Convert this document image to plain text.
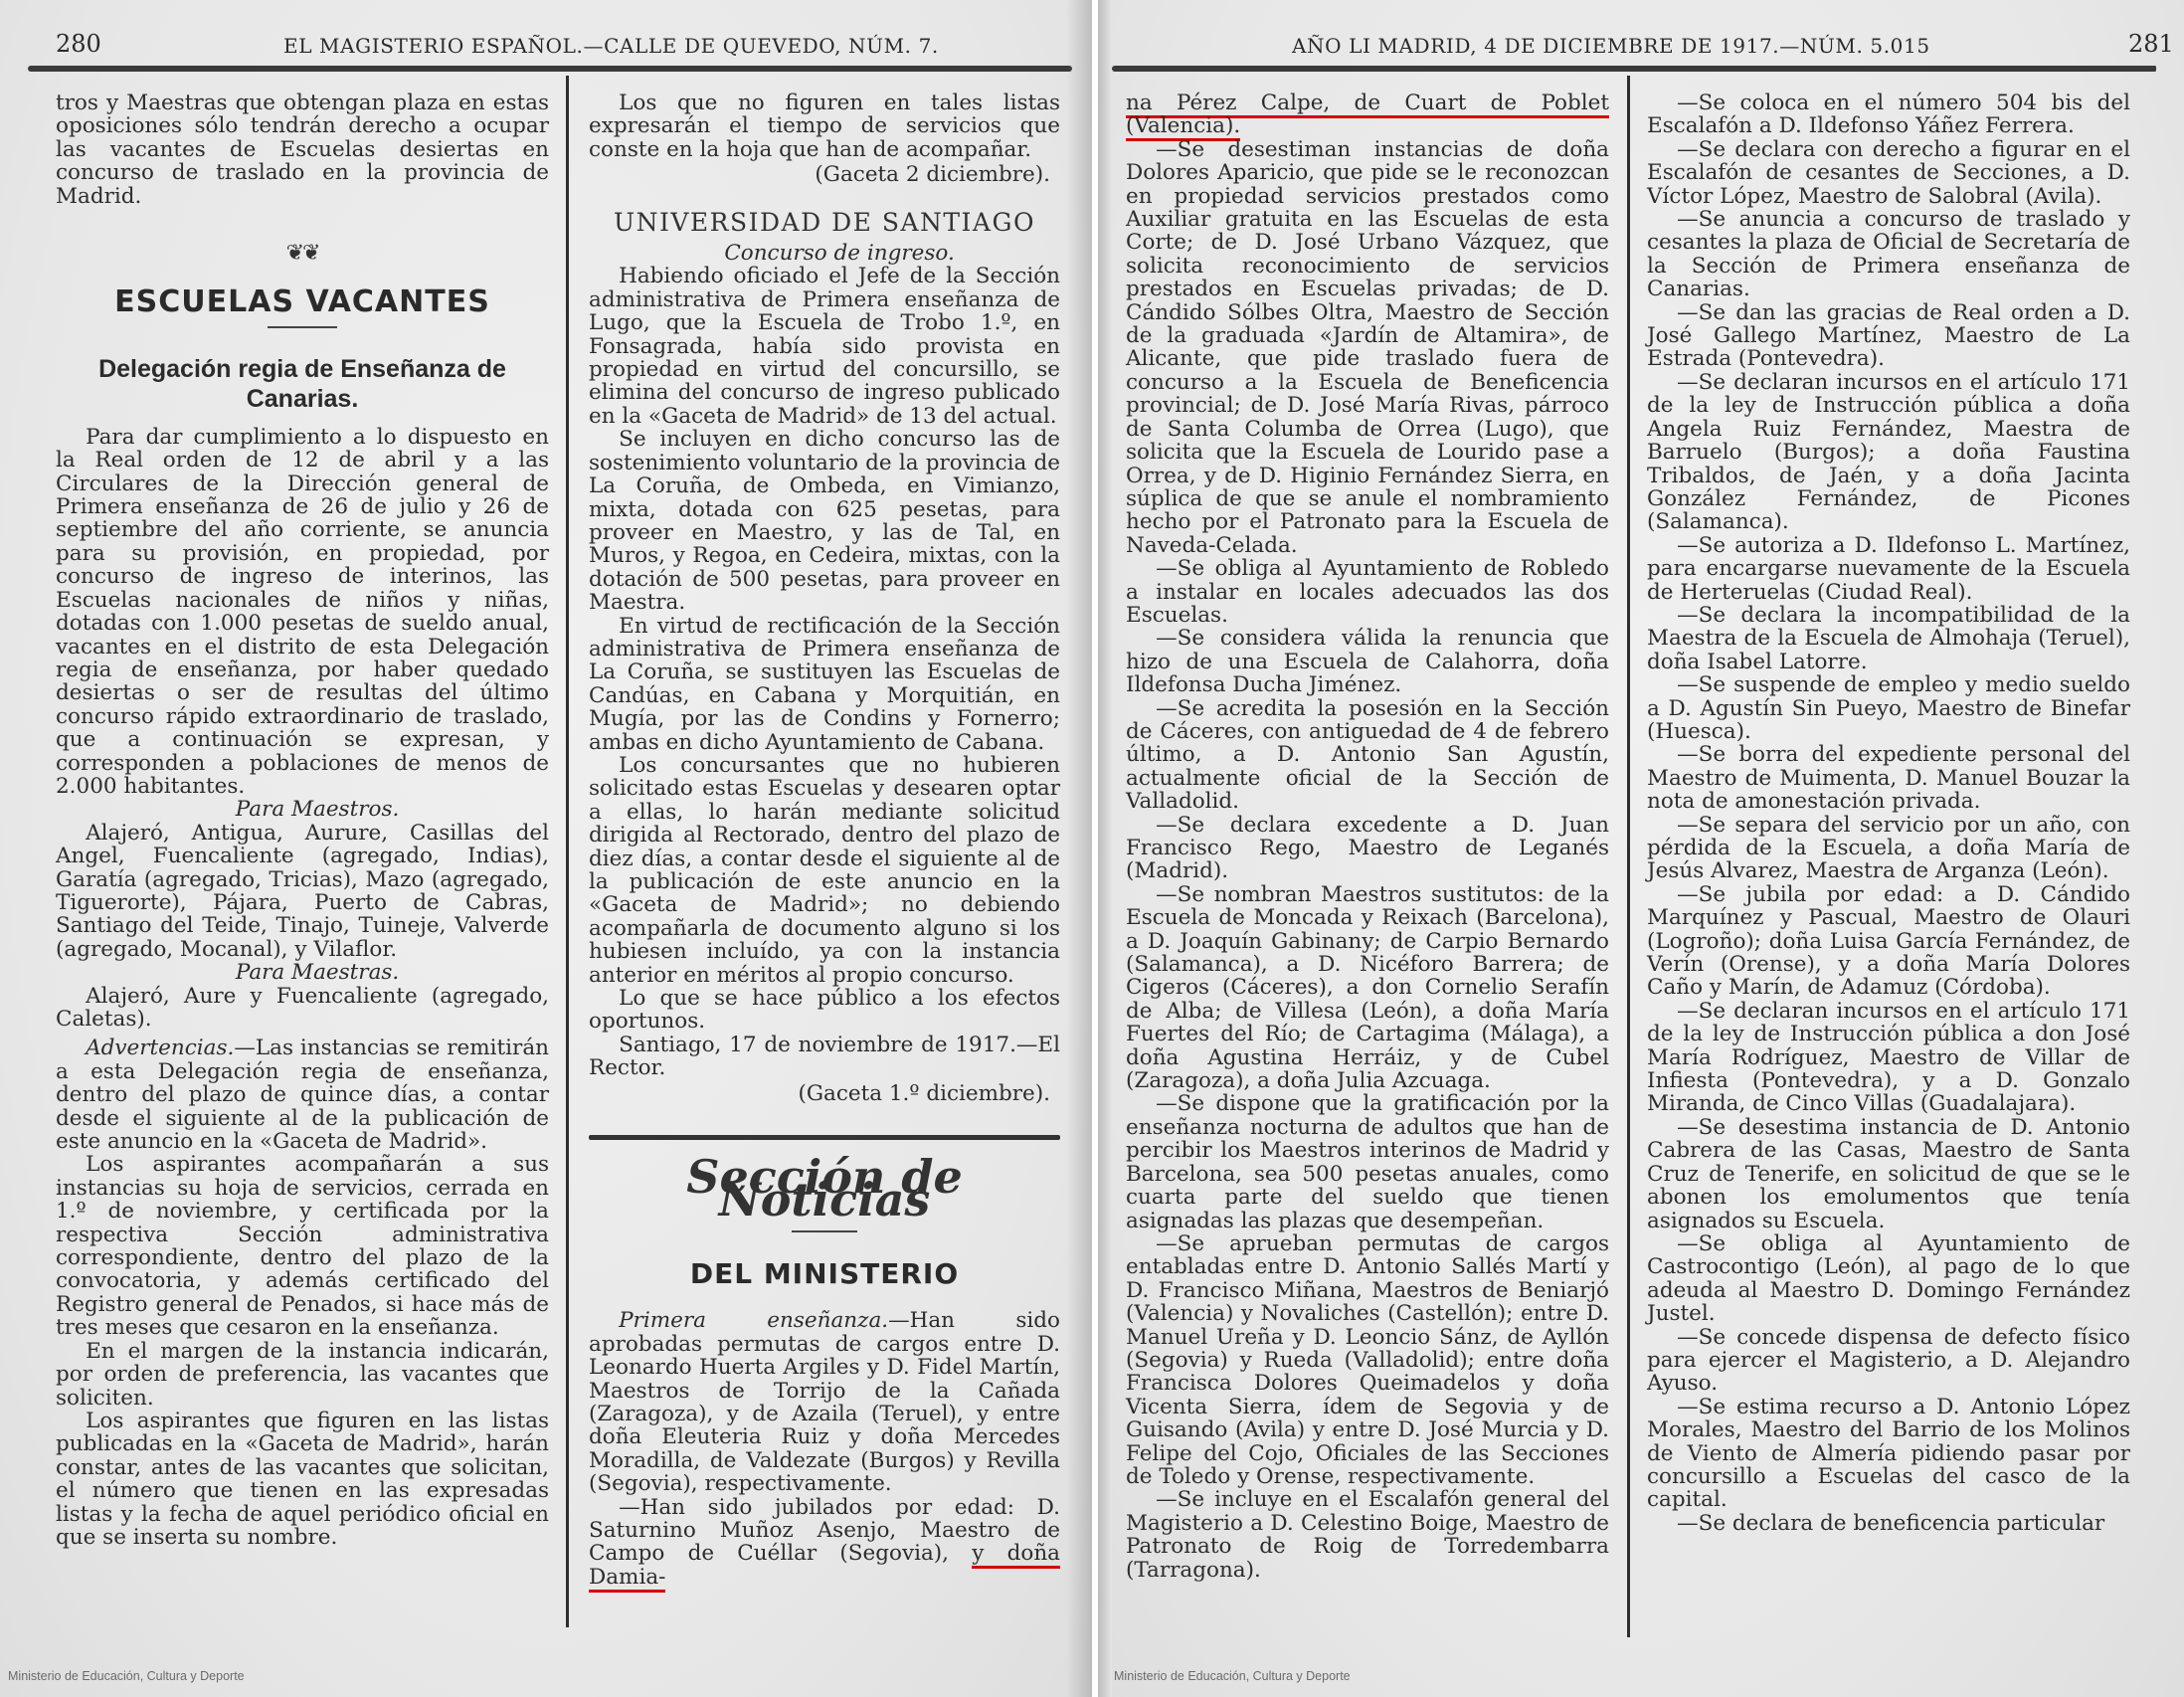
280	EL MAGISTERIO ESPAÑOL.—CALLE DE QUEVEDO, NÚM. 7.

tros y Maestras que obtengan plaza en estas oposiciones sólo tendrán derecho a ocupar las vacantes de Escuelas desiertas en concurso de traslado en la provincia de Madrid.

❦❦
ESCUELAS VACANTES
Delegación regia de Enseñanza de Canarias.

Para dar cumplimiento a lo dispuesto en la Real orden de 12 de abril y a las Circulares de la Dirección general de Primera enseñanza de 26 de julio y 26 de septiembre del año corriente, se anuncia para su provisión, en propiedad, por concurso de ingreso de interinos, las Escuelas nacionales de niños y niñas, dotadas con 1.000 pesetas de sueldo anual, vacantes en el distrito de esta Delegación regia de enseñanza, por haber quedado desiertas o ser de resultas del último concurso rápido extraordinario de traslado, que a continuación se expresan, y corresponden a poblaciones de menos de 2.000 habitantes.

Para Maestros.

Alajeró, Antigua, Aurure, Casillas del Angel, Fuencaliente (agregado, Indias), Garatía (agregado, Tricias), Mazo (agregado, Tiguerorte), Pájara, Puerto de Cabras, Santiago del Teide, Tinajo, Tuineje, Valverde (agregado, Mocanal), y Vilaflor.

Para Maestras.

Alajeró, Aure y Fuencaliente (agregado, Caletas).

Advertencias.—Las instancias se remitirán a esta Delegación regia de enseñanza, dentro del plazo de quince días, a contar desde el siguiente al de la publicación de este anuncio en la «Gaceta de Madrid».

Los aspirantes acompañarán a sus instancias su hoja de servicios, cerrada en 1.º de noviembre, y certificada por la respectiva Sección administrativa correspondiente, dentro del plazo de la convocatoria, y además certificado del Registro general de Penados, si hace más de tres meses que cesaron en la enseñanza.

En el margen de la instancia indicarán, por orden de preferencia, las vacantes que soliciten.

Los aspirantes que figuren en las listas publicadas en la «Gaceta de Madrid», harán constar, antes de las vacantes que solicitan, el número que tienen en las expresadas listas y la fecha de aquel periódico oficial en que se inserta su nombre.

Los que no figuren en tales listas expresarán el tiempo de servicios que conste en la hoja que han de acompañar.

(Gaceta 2 diciembre).

UNIVERSIDAD DE SANTIAGO

Concurso de ingreso.

Habiendo oficiado el Jefe de la Sección administrativa de Primera enseñanza de Lugo, que la Escuela de Trobo 1.º, en Fonsagrada, había sido provista en propiedad en virtud del concursillo, se elimina del concurso de ingreso publicado en la «Gaceta de Madrid» de 13 del actual.

Se incluyen en dicho concurso las de sostenimiento voluntario de la provincia de La Coruña, de Ombeda, en Vimianzo, mixta, dotada con 625 pesetas, para proveer en Maestro, y las de Tal, en Muros, y Regoa, en Cedeira, mixtas, con la dotación de 500 pesetas, para proveer en Maestra.

En virtud de rectificación de la Sección administrativa de Primera enseñanza de La Coruña, se sustituyen las Escuelas de Candúas, en Cabana y Morquitián, en Mugía, por las de Condins y Fornerro; ambas en dicho Ayuntamiento de Cabana.

Los concursantes que no hubieren solicitado estas Escuelas y desearen optar a ellas, lo harán mediante solicitud dirigida al Rectorado, dentro del plazo de diez días, a contar desde el siguiente al de la publicación de este anuncio en la «Gaceta de Madrid»; no debiendo acompañarla de documento alguno si los hubiesen incluído, ya con la instancia anterior en méritos al propio concurso.

Lo que se hace público a los efectos oportunos.

Santiago, 17 de noviembre de 1917.—El Rector.

(Gaceta 1.º diciembre).

Sección de Noticias
DEL MINISTERIO

Primera enseñanza.—Han sido aprobadas permutas de cargos entre D. Leonardo Huerta Argiles y D. Fidel Martín, Maestros de Torrijo de la Cañada (Zaragoza), y de Azaila (Teruel), y entre doña Eleuteria Ruiz y doña Mercedes Moradilla, de Valdezate (Burgos) y Revilla (Segovia), respectivamente.

—Han sido jubilados por edad: D. Saturnino Muñoz Asenjo, Maestro de Campo de Cuéllar (Segovia), y doña Damia-

Ministerio de Educación, Cultura y Deporte
AÑO LI MADRID, 4 DE DICIEMBRE DE 1917.—NÚM. 5.015	281

na Pérez Calpe, de Cuart de Poblet (Valencia).

—Se desestiman instancias de doña Dolores Aparicio, que pide se le reconozcan en propiedad servicios prestados como Auxiliar gratuita en las Escuelas de esta Corte; de D. José Urbano Vázquez, que solicita reconocimiento de servicios prestados en Escuelas privadas; de D. Cándido Sólbes Oltra, Maestro de Sección de la graduada «Jardín de Altamira», de Alicante, que pide traslado fuera de concurso a la Escuela de Beneficencia provincial; de D. José María Rivas, párroco de Santa Columba de Orrea (Lugo), que solicita que la Escuela de Lourido pase a Orrea, y de D. Higinio Fernández Sierra, en súplica de que se anule el nombramiento hecho por el Patronato para la Escuela de Naveda-Celada.

—Se obliga al Ayuntamiento de Robledo a instalar en locales adecuados las dos Escuelas.

—Se considera válida la renuncia que hizo de una Escuela de Calahorra, doña Ildefonsa Ducha Jiménez.

—Se acredita la posesión en la Sección de Cáceres, con antiguedad de 4 de febrero último, a D. Antonio San Agustín, actualmente oficial de la Sección de Valladolid.

—Se declara excedente a D. Juan Francisco Rego, Maestro de Leganés (Madrid).

—Se nombran Maestros sustitutos: de la Escuela de Moncada y Reixach (Barcelona), a D. Joaquín Gabinany; de Carpio Bernardo (Salamanca), a D. Nicéforo Barrera; de Cigeros (Cáceres), a don Cornelio Serafín de Alba; de Villesa (León), a doña María Fuertes del Río; de Cartagima (Málaga), a doña Agustina Herráiz, y de Cubel (Zaragoza), a doña Julia Azcuaga.

—Se dispone que la gratificación por la enseñanza nocturna de adultos que han de percibir los Maestros interinos de Madrid y Barcelona, sea 500 pesetas anuales, como cuarta parte del sueldo que tienen asignadas las plazas que desempeñan.

—Se aprueban permutas de cargos entabladas entre D. Antonio Sallés Martí y D. Francisco Miñana, Maestros de Beniarjó (Valencia) y Novaliches (Castellón); entre D. Manuel Ureña y D. Leoncio Sánz, de Ayllón (Segovia) y Rueda (Valladolid); entre doña Francisca Dolores Queimadelos y doña Vicenta Sierra, ídem de Segovia y de Guisando (Avila) y entre D. José Murcia y D. Felipe del Cojo, Oficiales de las Secciones de Toledo y Orense, respectivamente.

—Se incluye en el Escalafón general del Magisterio a D. Celestino Boige, Maestro de Patronato de Roig de Torredembarra (Tarragona).

—Se coloca en el número 504 bis del Escalafón a D. Ildefonso Yáñez Ferrera.

—Se declara con derecho a figurar en el Escalafón de cesantes de Secciones, a D. Víctor López, Maestro de Salobral (Avila).

—Se anuncia a concurso de traslado y cesantes la plaza de Oficial de Secretaría de la Sección de Primera enseñanza de Canarias.

—Se dan las gracias de Real orden a D. José Gallego Martínez, Maestro de La Estrada (Pontevedra).

—Se declaran incursos en el artículo 171 de la ley de Instrucción pública a doña Angela Ruiz Fernández, Maestra de Barruelo (Burgos); a doña Faustina Tribaldos, de Jaén, y a doña Jacinta González Fernández, de Picones (Salamanca).

—Se autoriza a D. Ildefonso L. Martínez, para encargarse nuevamente de la Escuela de Herteruelas (Ciudad Real).

—Se declara la incompatibilidad de la Maestra de la Escuela de Almohaja (Teruel), doña Isabel Latorre.

—Se suspende de empleo y medio sueldo a D. Agustín Sin Pueyo, Maestro de Binefar (Huesca).

—Se borra del expediente personal del Maestro de Muimenta, D. Manuel Bouzar la nota de amonestación privada.

—Se separa del servicio por un año, con pérdida de la Escuela, a doña María de Jesús Alvarez, Maestra de Arganza (León).

—Se jubila por edad: a D. Cándido Marquínez y Pascual, Maestro de Olauri (Logroño); doña Luisa García Fernández, de Verín (Orense), y a doña María Dolores Caño y Marín, de Adamuz (Córdoba).

—Se declaran incursos en el artículo 171 de la ley de Instrucción pública a don José María Rodríguez, Maestro de Villar de Infiesta (Pontevedra), y a D. Gonzalo Miranda, de Cinco Villas (Guadalajara).

—Se desestima instancia de D. Antonio Cabrera de las Casas, Maestro de Santa Cruz de Tenerife, en solicitud de que se le abonen los emolumentos que tenía asignados su Escuela.

—Se obliga al Ayuntamiento de Castrocontigo (León), al pago de lo que adeuda al Maestro D. Domingo Fernández Justel.

—Se concede dispensa de defecto físico para ejercer el Magisterio, a D. Alejandro Ayuso.

—Se estima recurso a D. Antonio López Morales, Maestro del Barrio de los Molinos de Viento de Almería pidiendo pasar por concursillo a Escuelas del casco de la capital.

—Se declara de beneficencia particular

Ministerio de Educación, Cultura y Deporte
